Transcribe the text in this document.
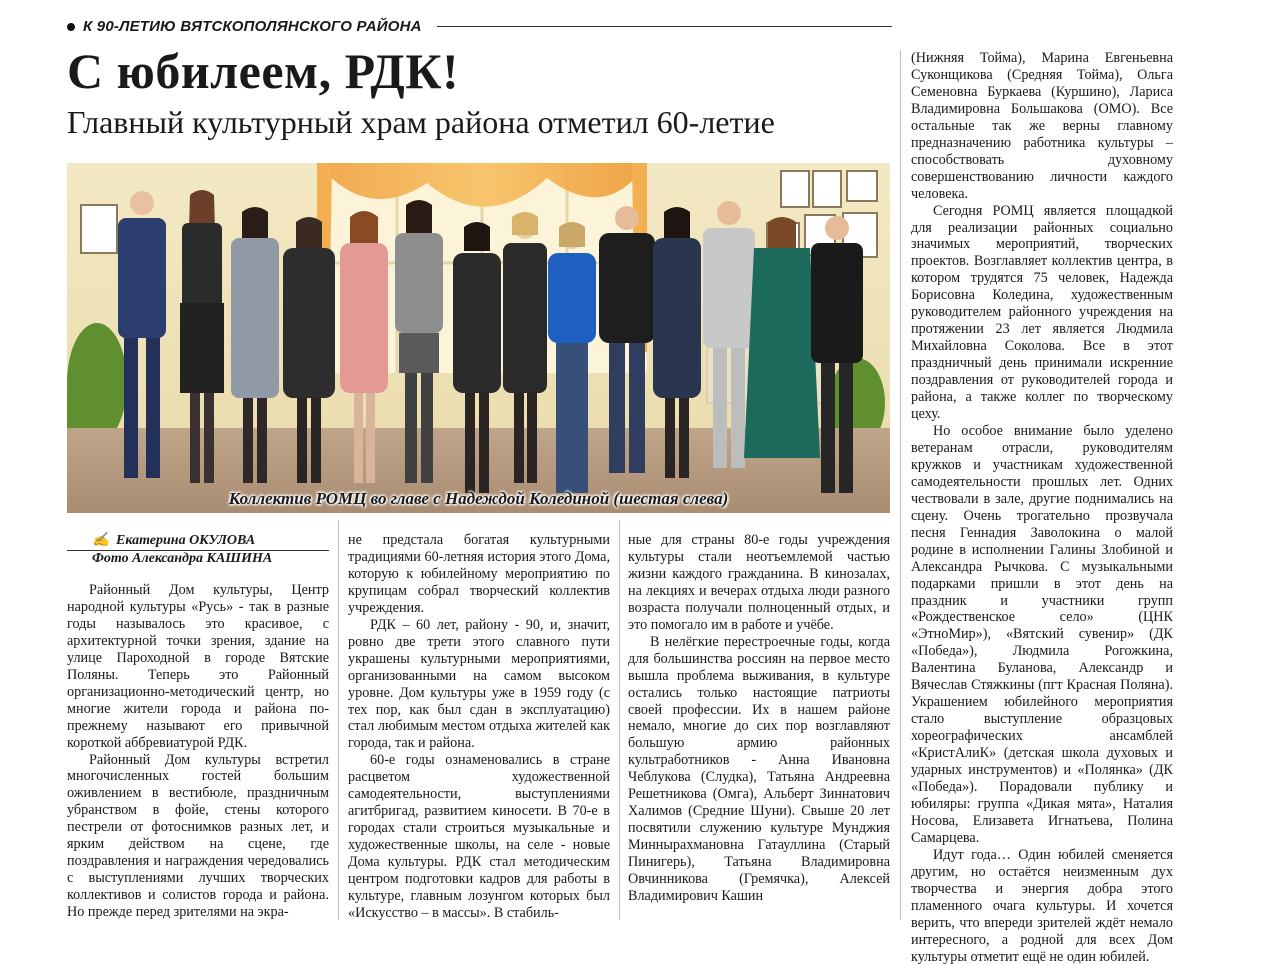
К 90-ЛЕТИЮ ВЯТСКОПОЛЯНСКОГО РАЙОНА
С юбилеем, РДК!
Главный культурный храм района отметил 60-летие
Коллектив РОМЦ во главе с Надеждой Колединой (шестая слева)
✍ Екатерина ОКУЛОВА
Фото Александра КАШИНА

Районный Дом культуры, Центр народной культуры «Русь» - так в разные годы называлось это красивое, с архитектурной точки зрения, здание на улице Пароходной в городе Вятские Поляны. Теперь это Районный организационно-методический центр, но многие жители города и района по-прежнему называют его привычной короткой аббревиатурой РДК.

Районный Дом культуры встретил многочисленных гостей большим оживлением в вестибюле, праздничным убранством в фойе, стены которого пестрели от фотоснимков разных лет, и ярким действом на сцене, где поздравления и награждения чередовались с выступлениями лучших творческих коллективов и солистов города и района. Но прежде перед зрителями на экра-

не предстала богатая культурными традициями 60-летняя история этого Дома, которую к юбилейному мероприятию по крупицам собрал творческий коллектив учреждения.

РДК – 60 лет, району - 90, и, значит, ровно две трети этого славного пути украшены культурными мероприятиями, организованными на самом высоком уровне. Дом культуры уже в 1959 году (с тех пор, как был сдан в эксплуатацию) стал любимым местом отдыха жителей как города, так и района.

60-е годы ознаменовались в стране расцветом художественной самодеятельности, выступлениями агитбригад, развитием киносети. В 70-е в городах стали строиться музыкальные и художественные школы, на селе - новые Дома культуры. РДК стал методическим центром подготовки кадров для работы в культуре, главным лозунгом которых был «Искусство – в массы». В стабиль-

ные для страны 80-е годы учреждения культуры стали неотъемлемой частью жизни каждого гражданина. В кинозалах, на лекциях и вечерах отдыха люди разного возраста получали полноценный отдых, и это помогало им в работе и учёбе.

В нелёгкие перестроечные годы, когда для большинства россиян на первое место вышла проблема выживания, в культуре остались только настоящие патриоты своей профессии. Их в нашем районе немало, многие до сих пор возглавляют большую армию районных культработников - Анна Ивановна Чеблукова (Слудка), Татьяна Андреевна Решетникова (Омга), Альберт Зиннатович Халимов (Средние Шуни). Свыше 20 лет посвятили служению культуре Мунджия Миннырахмановна Гатауллина (Старый Пинигерь), Татьяна Владимировна Овчинникова (Гремячка), Алексей Владимирович Кашин

(Нижняя Тойма), Марина Евгеньевна Суконщикова (Средняя Тойма), Ольга Семеновна Буркаева (Куршино), Лариса Владимировна Большакова (ОМО). Все остальные так же верны главному предназначению работника культуры – способствовать духовному совершенствованию личности каждого человека.

Сегодня РОМЦ является площадкой для реализации районных социально значимых мероприятий, творческих проектов. Возглавляет коллектив центра, в котором трудятся 75 человек, Надежда Борисовна Коледина, художественным руководителем районного учреждения на протяжении 23 лет является Людмила Михайловна Соколова. Все в этот праздничный день принимали искренние поздравления от руководителей города и района, а также коллег по творческому цеху.

Но особое внимание было уделено ветеранам отрасли, руководителям кружков и участникам художественной самодеятельности прошлых лет. Одних чествовали в зале, другие поднимались на сцену. Очень трогательно прозвучала песня Геннадия Заволокина о малой родине в исполнении Галины Злобиной и Александра Рычкова. С музыкальными подарками пришли в этот день на праздник и участники групп «Рождественское село» (ЦНК «ЭтноМир»), «Вятский сувенир» (ДК «Победа»), Людмила Рогожкина, Валентина Буланова, Александр и Вячеслав Стяжкины (пгт Красная Поляна). Украшением юбилейного мероприятия стало выступление образцовых хореографических ансамблей «КристАлиК» (детская школа духовых и ударных инструментов) и «Полянка» (ДК «Победа»). Порадовали публику и юбиляры: группа «Дикая мята», Наталия Носова, Елизавета Игнатьева, Полина Самарцева.

Идут года… Один юбилей сменяется другим, но остаётся неизменным дух творчества и энергия добра этого пламенного очага культуры. И хочется верить, что впереди зрителей ждёт немало интересного, а родной для всех Дом культуры отметит ещё не один юбилей.
